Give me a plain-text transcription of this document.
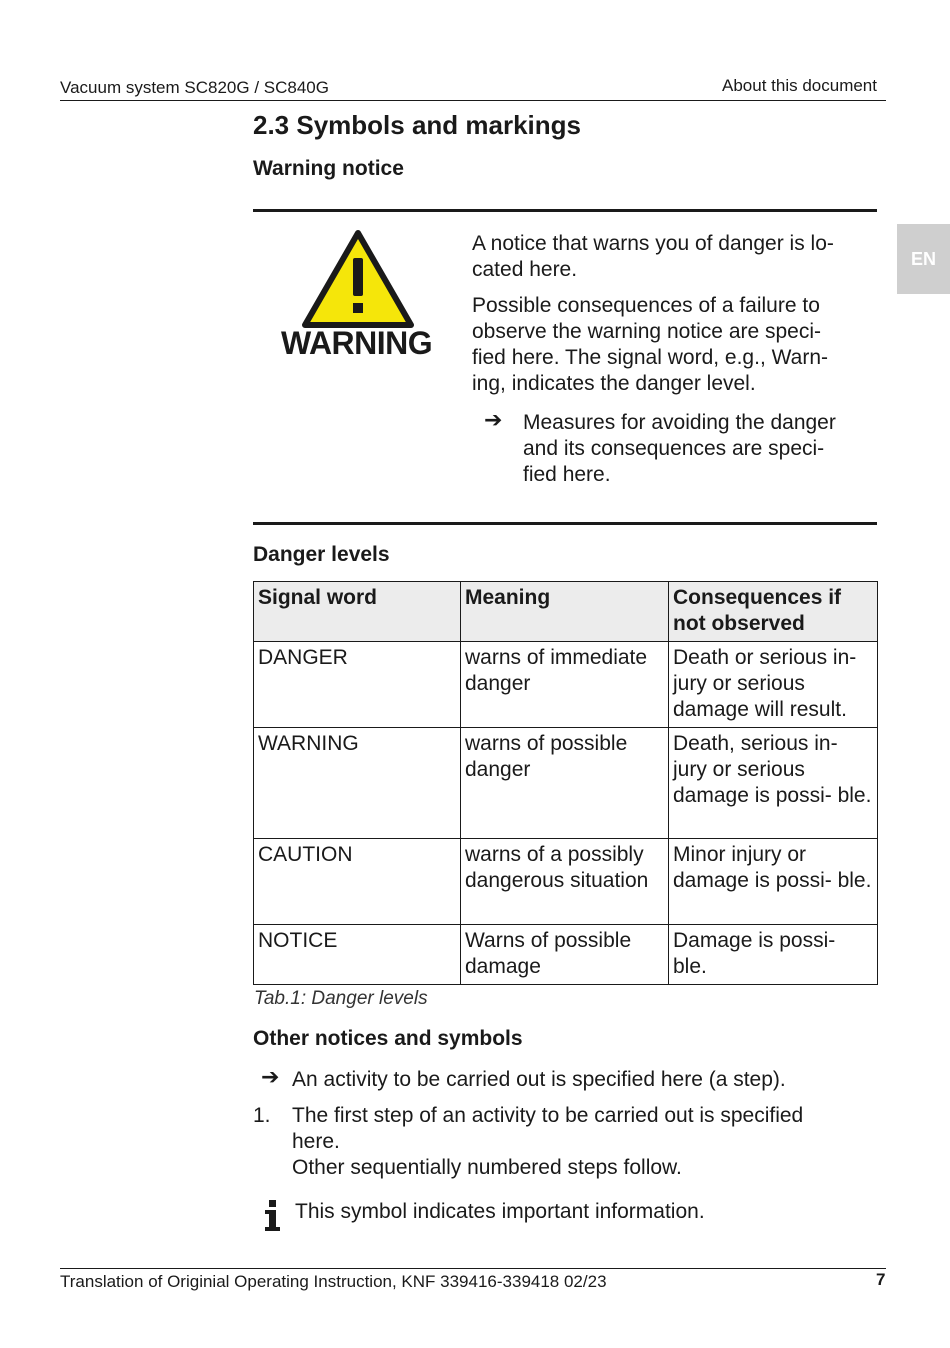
Vacuum system SC820G / SC840G	About this document
EN
2.3 Symbols and markings
Warning notice
WARNING
A notice that warns you of danger is lo-
cated here.
Possible consequences of a failure to
observe the warning notice are speci-
fied here. The signal word, e.g., Warn-
ing, indicates the danger level.
➔ Measures for avoiding the danger
and its consequences are speci-
fied here.
Danger levels
Signal word	Meaning	Consequences if not observed
DANGER	warns of immediate danger	Death or serious in- jury or serious damage will result.
WARNING	warns of possible danger	Death, serious in- jury or serious damage is possi- ble.
CAUTION	warns of a possibly dangerous situation	Minor injury or damage is possi- ble.
NOTICE	Warns of possible damage	Damage is possi- ble.
Tab.1: Danger levels
Other notices and symbols
➔ An activity to be carried out is specified here (a step).
1. The first step of an activity to be carried out is specified
here.
Other sequentially numbered steps follow.
This symbol indicates important information.
Translation of Originial Operating Instruction, KNF 339416-339418 02/23	7
